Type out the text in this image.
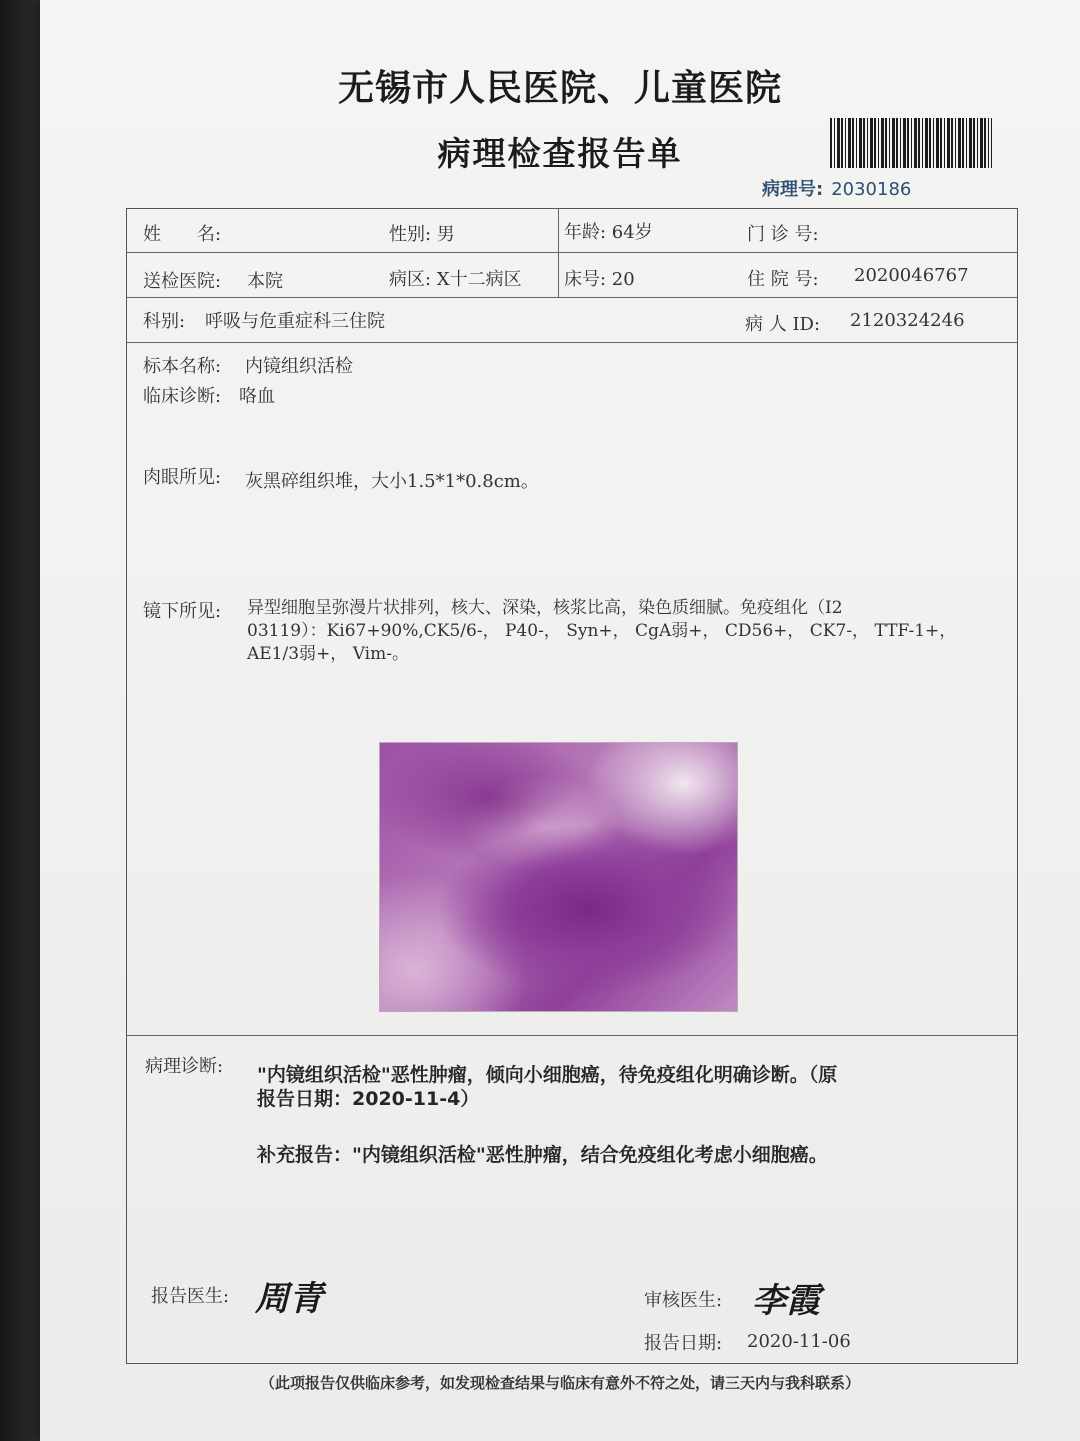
无锡市人民医院、儿童医院
病理检查报告单
病理号: 2030186
姓　　名:	性别: 男	年龄: 64岁	门 诊 号:
送检医院: 本院	病区: X十二病区 床号: 20	住 院 号: 2020046767
科别: 呼吸与危重症科三住院	病 人 ID: 2120324246
标本名称: 内镜组织活检
临床诊断: 咯血
肉眼所见: 灰黑碎组织堆，大小1.5*1*0.8cm。
镜下所见: 异型细胞呈弥漫片状排列，核大、深染，核浆比高，染色质细腻。免疫组化（I2
03119）：Ki67+90%,CK5/6-， P40-， Syn+， CgA弱+， CD56+， CK7-， TTF-1+，
AE1/3弱+， Vim-。
病理诊断: "内镜组织活检"恶性肿瘤，倾向小细胞癌，待免疫组化明确诊断。（原
报告日期：2020-11-4）
补充报告："内镜组织活检"恶性肿瘤，结合免疫组化考虑小细胞癌。
报告医生: 周青	审核医生: 李霞
报告日期: 2020-11-06
（此项报告仅供临床参考，如发现检查结果与临床有意外不符之处，请三天内与我科联系）
